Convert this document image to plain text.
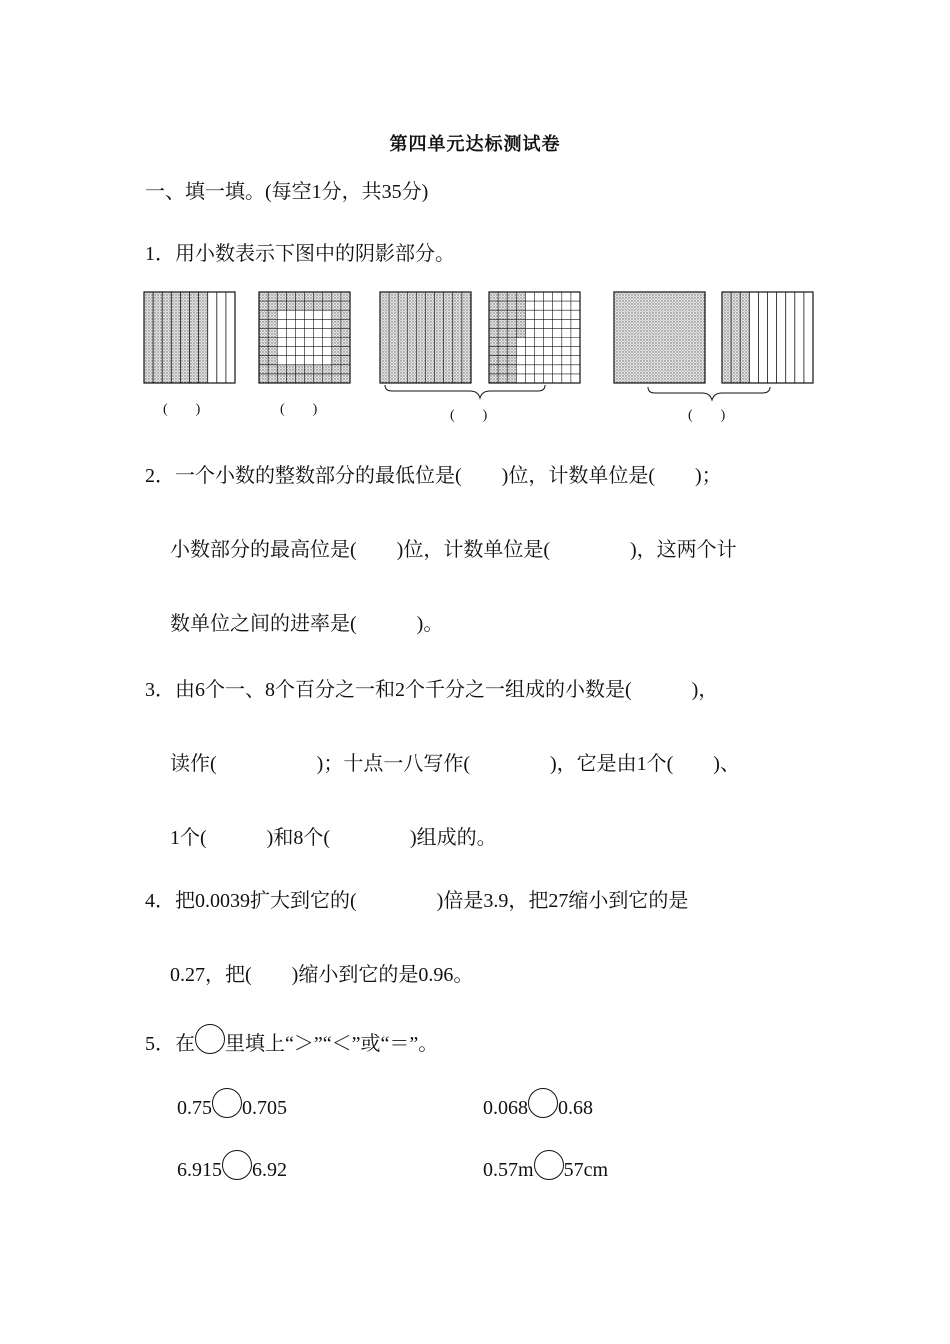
第四单元达标测试卷
一、填一填。(每空1分，共35分)
1．用小数表示下图中的阴影部分。
(　　)	(　　)	(　　)	(　　)
2．一个小数的整数部分的最低位是(　　)位，计数单位是(　　)；
小数部分的最高位是(　　)位，计数单位是(　　　　)，这两个计
数单位之间的进率是(　　　)。
3．由6个一、8个百分之一和2个千分之一组成的小数是(　　　)，
读作(　　　　　)；十点一八写作(　　　　)，它是由1个(　　)、
1个(　　　)和8个(　　　　)组成的。
4．把0.0039扩大到它的(　　　　)倍是3.9，把27缩小到它的是
0.27，把(　　)缩小到它的是0.96。
5．在 里填上“＞”“＜”或“＝”。
0.75 0.705	0.068 0.68
6.915 6.92	0.57m 57cm
